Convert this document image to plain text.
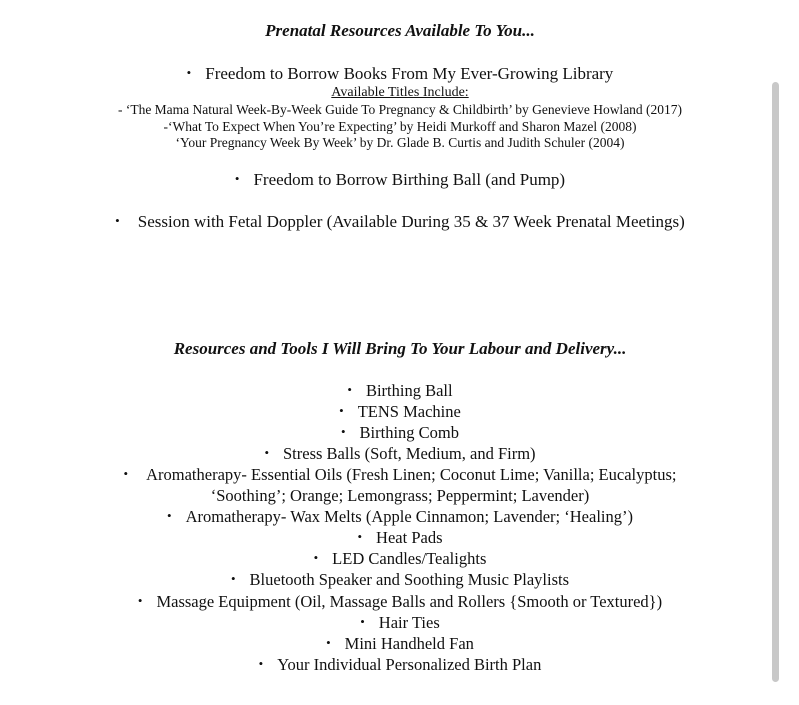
Prenatal Resources Available To You...
• Freedom to Borrow Books From My Ever-Growing Library
Available Titles Include:
- ‘The Mama Natural Week-By-Week Guide To Pregnancy & Childbirth’ by Genevieve Howland (2017)
-‘What To Expect When You’re Expecting’ by Heidi Murkoff and Sharon Mazel (2008)
‘Your Pregnancy Week By Week’ by Dr. Glade B. Curtis and Judith Schuler (2004)
• Freedom to Borrow Birthing Ball (and Pump)
• Session with Fetal Doppler (Available During 35 & 37 Week Prenatal Meetings)
Resources and Tools I Will Bring To Your Labour and Delivery...
• Birthing Ball
• TENS Machine
• Birthing Comb
• Stress Balls (Soft, Medium, and Firm)
• Aromatherapy- Essential Oils (Fresh Linen; Coconut Lime; Vanilla; Eucalyptus;
‘Soothing’; Orange; Lemongrass; Peppermint; Lavender)
• Aromatherapy- Wax Melts (Apple Cinnamon; Lavender; ‘Healing’)
• Heat Pads
• LED Candles/Tealights
• Bluetooth Speaker and Soothing Music Playlists
• Massage Equipment (Oil, Massage Balls and Rollers {Smooth or Textured})
• Hair Ties
• Mini Handheld Fan
• Your Individual Personalized Birth Plan
